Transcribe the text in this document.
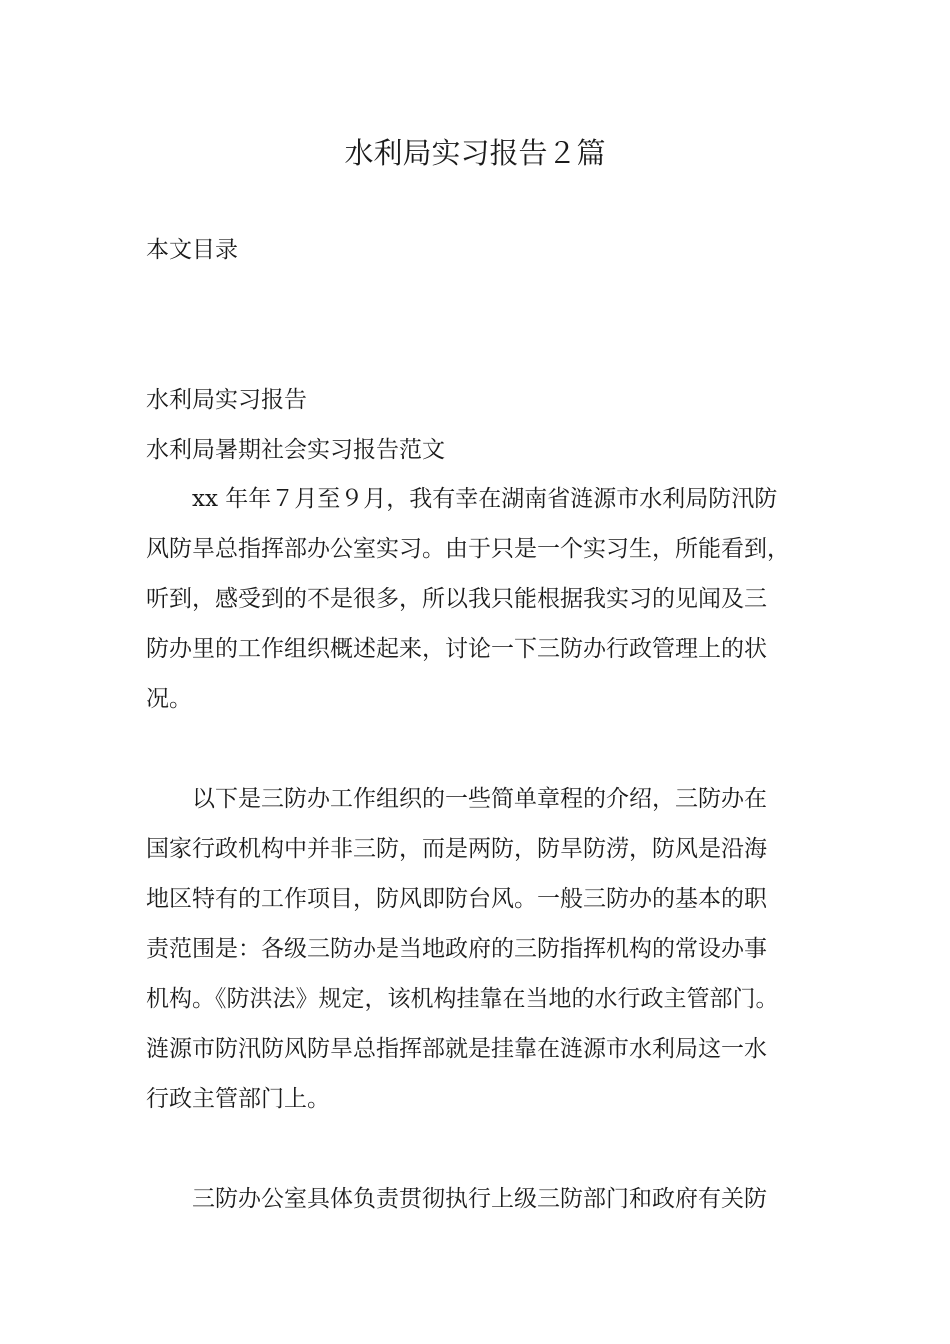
水利局实习报告２篇
本文目录
水利局实习报告
水利局暑期社会实习报告范文

xx 年年７月至９月，我有幸在湖南省涟源市水利局防汛防
风防旱总指挥部办公室实习。由于只是一个实习生，所能看到，
听到，感受到的不是很多，所以我只能根据我实习的见闻及三
防办里的工作组织概述起来，讨论一下三防办行政管理上的状
况。

以下是三防办工作组织的一些简单章程的介绍，三防办在
国家行政机构中并非三防，而是两防，防旱防涝，防风是沿海
地区特有的工作项目，防风即防台风。一般三防办的基本的职
责范围是：各级三防办是当地政府的三防指挥机构的常设办事
机构。《防洪法》规定，该机构挂靠在当地的水行政主管部门。
涟源市防汛防风防旱总指挥部就是挂靠在涟源市水利局这一水
行政主管部门上。

三防办公室具体负责贯彻执行上级三防部门和政府有关防
